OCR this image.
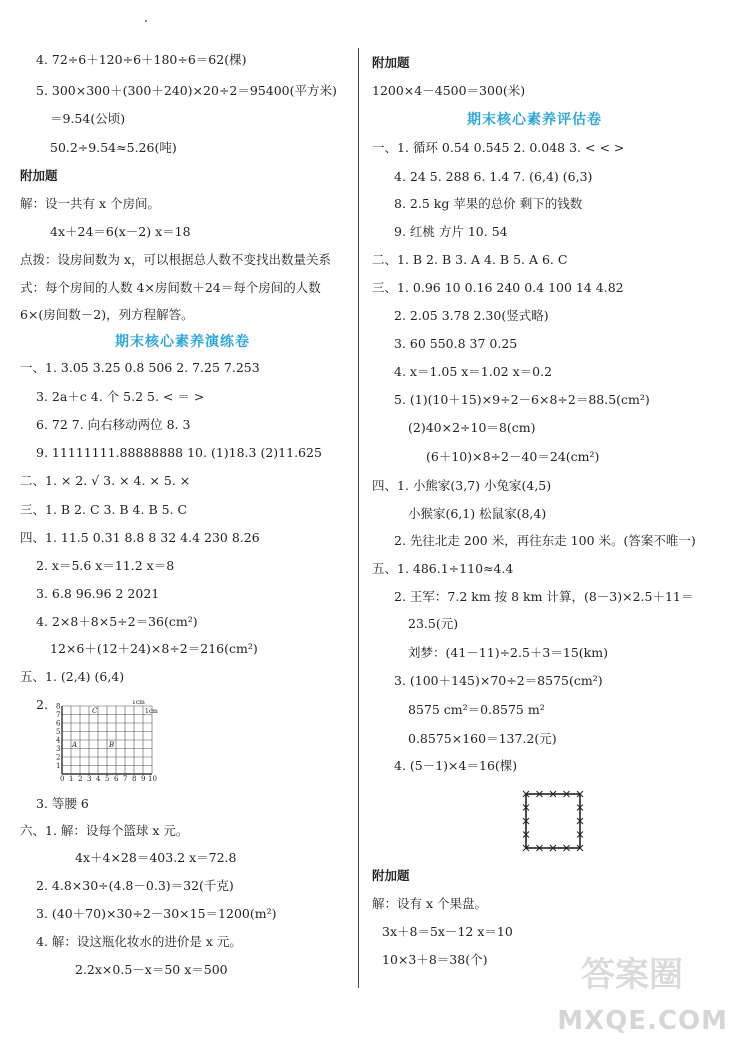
4. 72÷6＋120÷6＋180÷6＝62(棵)
5. 300×300＋(300＋240)×20÷2＝95400(平方米)
＝9.54(公顷)
50.2÷9.54≈5.26(吨)
附加题
解：设一共有 x 个房间。
4x＋24＝6(x－2) x＝18
点拨：设房间数为 x，可以根据总人数不变找出数量关系
式：每个房间的人数 4×房间数＋24＝每个房间的人数
6×(房间数－2)，列方程解答。
期末核心素养演练卷
一、1. 3.05 3.25 0.8 506 2. 7.2̇5̇ 7.253
3. 2a＋c 4. 个 5.2 5. < ＝ >
6. 72 7. 向右移动两位 8. 3
9. 11111111.88888888 10. (1)18.3 (2)11.625
二、1. × 2. √ 3. × 4. × 5. ×
三、1. B 2. C 3. B 4. B 5. C
四、1. 11.5 0.31 8.8 8 32 4.4 230 8.26
2. x＝5.6 x＝11.2 x＝8
3. 6.8 96.96 2 2021
4. 2×8＋8×5÷2＝36(cm²)
12×6＋(12＋24)×8÷2＝216(cm²)
五、1. (2,4) (6,4)
2.
0 1 2 3 4 5 6 7 8 9 10
1
2
3
4
5
6
7
8
C
A	B
1cm
1cm
3. 等腰 6
六、1. 解：设每个篮球 x 元。
4x＋4×28＝403.2 x＝72.8
2. 4.8×30÷(4.8－0.3)＝32(千克)
3. (40＋70)×30÷2－30×15＝1200(m²)
4. 解：设这瓶化妆水的进价是 x 元。
2.2x×0.5－x＝50 x＝500
附加题
1200×4－4500＝300(米)
期末核心素养评估卷
一、1. 循环 0.5̇4̇ 0.545 2. 0.048 3. < < >
4. 24 5. 288 6. 1.4 7. (6,4) (6,3)
8. 2.5 kg 苹果的总价 剩下的钱数
9. 红桃 方片 10. 54
二、1. B 2. B 3. A 4. B 5. A 6. C
三、1. 0.96 10 0.16 240 0.4 100 14 4.82
2. 2.05 3.78 2.30(竖式略)
3. 60 550.8 37 0.25
4. x＝1.05 x＝1.02 x＝0.2
5. (1)(10＋15)×9÷2－6×8÷2＝88.5(cm²)
(2)40×2÷10＝8(cm)
(6＋10)×8÷2－40＝24(cm²)
四、1. 小熊家(3,7) 小兔家(4,5)
小猴家(6,1) 松鼠家(8,4)
2. 先往北走 200 米，再往东走 100 米。(答案不唯一)
五、1. 486.1÷110≈4.4
2. 王军：7.2 km 按 8 km 计算，(8－3)×2.5＋11＝
23.5(元)
刘梦：(41－11)÷2.5＋3＝15(km)
3. (100＋145)×70÷2＝8575(cm²)
8575 cm²＝0.8575 m²
0.8575×160＝137.2(元)
4. (5－1)×4＝16(棵)
附加题
解：设有 x 个果盘。
3x＋8＝5x－12 x＝10
10×3＋8＝38(个)	答案圈
MXQE.COM
